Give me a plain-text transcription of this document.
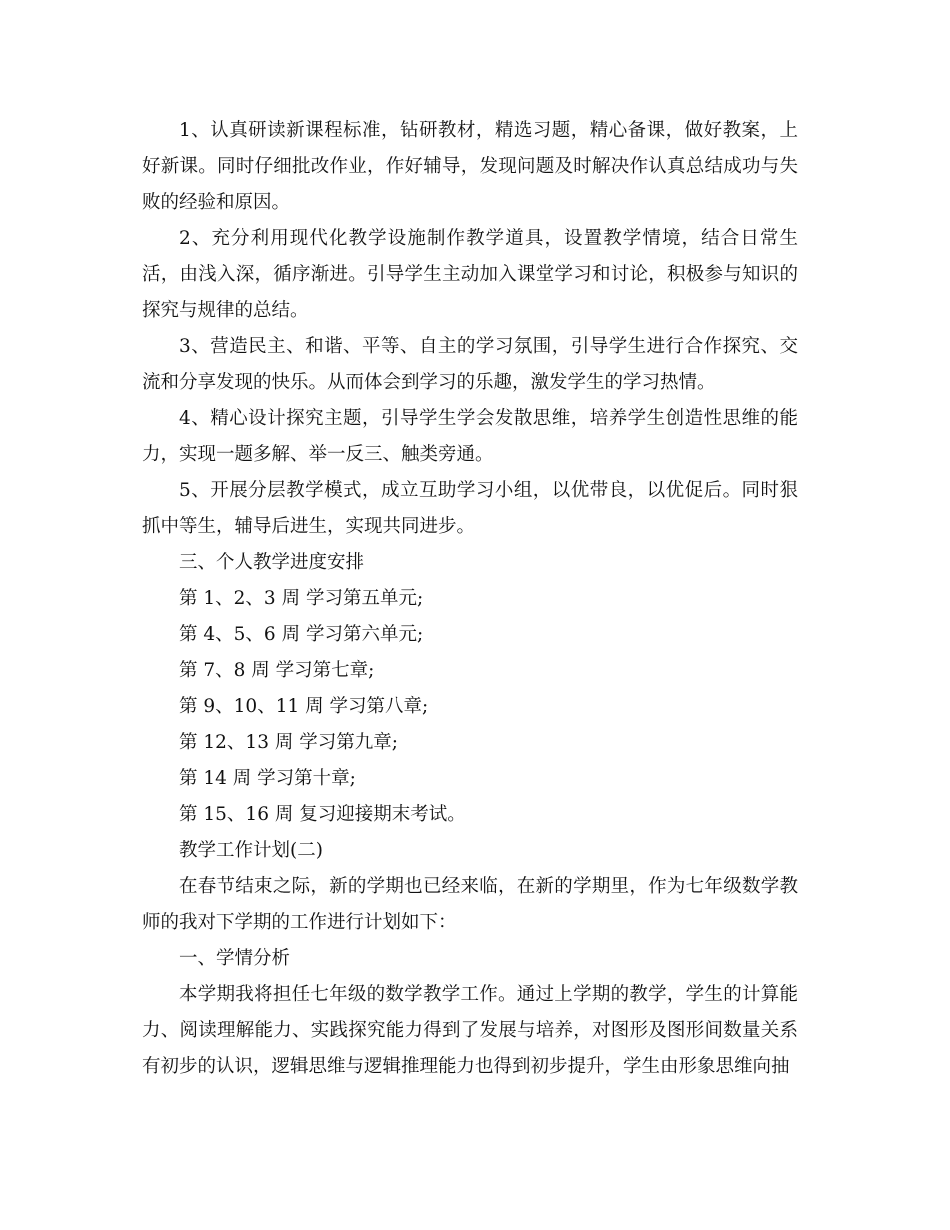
1、认真研读新课程标准，钻研教材，精选习题，精心备课，做好教案，上好新课。同时仔细批改作业，作好辅导，发现问题及时解决作认真总结成功与失败的经验和原因。

2、充分利用现代化教学设施制作教学道具，设置教学情境，结合日常生活，由浅入深，循序渐进。引导学生主动加入课堂学习和讨论，积极参与知识的探究与规律的总结。

3、营造民主、和谐、平等、自主的学习氛围，引导学生进行合作探究、交流和分享发现的快乐。从而体会到学习的乐趣，激发学生的学习热情。

4、精心设计探究主题，引导学生学会发散思维，培养学生创造性思维的能力，实现一题多解、举一反三、触类旁通。

5、开展分层教学模式，成立互助学习小组，以优带良，以优促后。同时狠抓中等生，辅导后进生，实现共同进步。

三、个人教学进度安排

第 1、2、3 周 学习第五单元;

第 4、5、6 周 学习第六单元;

第 7、8 周 学习第七章;

第 9、10、11 周 学习第八章;

第 12、13 周 学习第九章;

第 14 周 学习第十章;

第 15、16 周 复习迎接期末考试。

教学工作计划(二)

在春节结束之际，新的学期也已经来临，在新的学期里，作为七年级数学教师的我对下学期的工作进行计划如下：

一、学情分析

本学期我将担任七年级的数学教学工作。通过上学期的教学，学生的计算能力、阅读理解能力、实践探究能力得到了发展与培养，对图形及图形间数量关系有初步的认识，逻辑思维与逻辑推理能力也得到初步提升，学生由形象思维向抽
